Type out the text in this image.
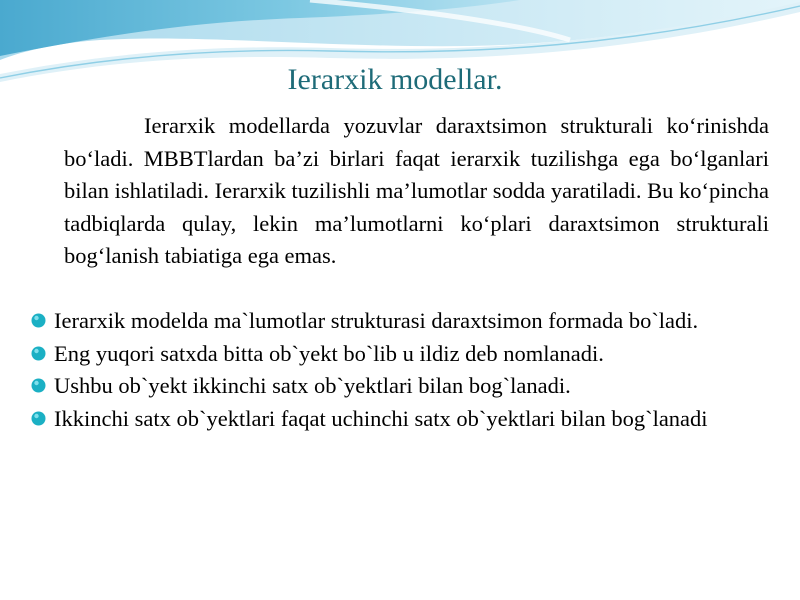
Ierarxik modellar.

Ierarxik modellarda yozuvlar daraxtsimon strukturali ko‘rinishda bo‘ladi. MBBTlardan ba’zi birlari faqat ierarxik tuzilishga ega bo‘lganlari bilan ishlatiladi. Ierarxik tuzilishli ma’lumotlar sodda yaratiladi. Bu ko‘pincha tadbiqlarda qulay, lekin ma’lumotlarni ko‘plari daraxtsimon strukturali bog‘lanish tabiatiga ega emas.

Ierarxik modelda ma`lumotlar strukturasi daraxtsimon formada bo`ladi.
Eng yuqori satxda bitta ob`yekt bo`lib u ildiz deb nomlanadi.
Ushbu ob`yekt ikkinchi satx ob`yektlari bilan bog`lanadi.
Ikkinchi satx ob`yektlari faqat uchinchi satx ob`yektlari bilan bog`lanadi
